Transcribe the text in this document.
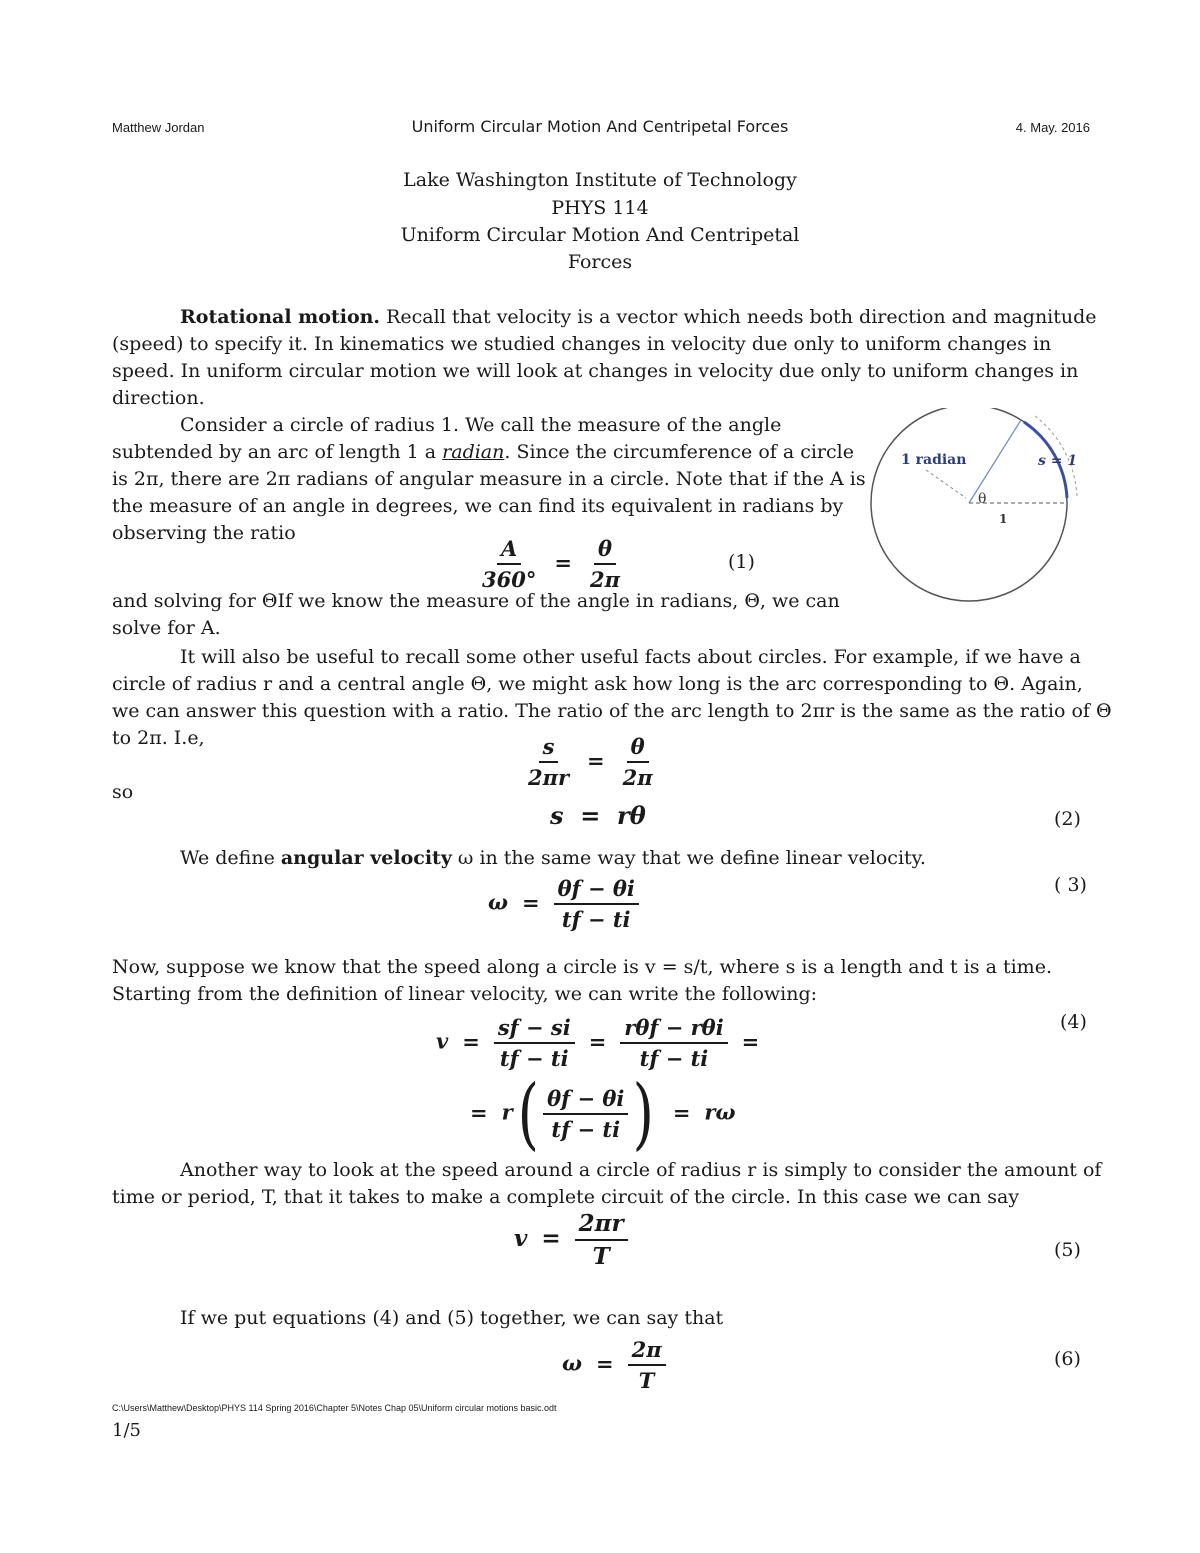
Matthew Jordan	Uniform Circular Motion And Centripetal Forces	4. May. 2016
Lake Washington Institute of Technology
PHYS 114
Uniform Circular Motion And Centripetal
Forces
Rotational motion. Recall that velocity is a vector which needs both direction and magnitude
(speed) to specify it. In kinematics we studied changes in velocity due only to uniform changes in
speed. In uniform circular motion we will look at changes in velocity due only to uniform changes in
direction.
Consider a circle of radius 1. We call the measure of the angle
subtended by an arc of length 1 a radian. Since the circumference of a circle
is 2π, there are 2π radians of angular measure in a circle. Note that if the A is
the measure of an angle in degrees, we can find its equivalent in radians by
observing the ratio
1 radian	s = 1
θ
1
$\frac{A}{360^\circ} = \frac{\theta}{2\pi}$	(1)
and solving for ΘIf we know the measure of the angle in radians, Θ, we can
solve for A.
It will also be useful to recall some other useful facts about circles. For example, if we have a
circle of radius r and a central angle Θ, we might ask how long is the arc corresponding to Θ. Again,
we can answer this question with a ratio. The ratio of the arc length to 2πr is the same as the ratio of Θ
to 2π. I.e,	$\frac{s}{2\pi r} = \frac{\theta}{2\pi}$
so
s  =  rθ	(2)
We define angular velocity ω in the same way that we define linear velocity.
$\omega = \frac{\theta f - \theta i}{tf - ti}$	( 3)
Now, suppose we know that the speed along a circle is v = s/t, where s is a length and t is a time.
Starting from the definition of linear velocity, we can write the following:
$v = \frac{sf - si}{tf - ti} = \frac{\text{rθf − rθi}}{tf - ti}$ =
(4)
= $r( \frac{\theta f - \theta i}{tf - ti}$ ) = rω
Another way to look at the speed around a circle of radius r is simply to consider the amount of
time or period, T, that it takes to make a complete circuit of the circle. In this case we can say
$v = \frac{2\pi r}{T}$	(5)
If we put equations (4) and (5) together, we can say that
$\omega = \frac{2\pi}{T}$	(6)
C:\Users\Matthew\Desktop\PHYS 114 Spring 2016\Chapter 5\Notes Chap 05\Uniform circular motions basic.odt
1/5
